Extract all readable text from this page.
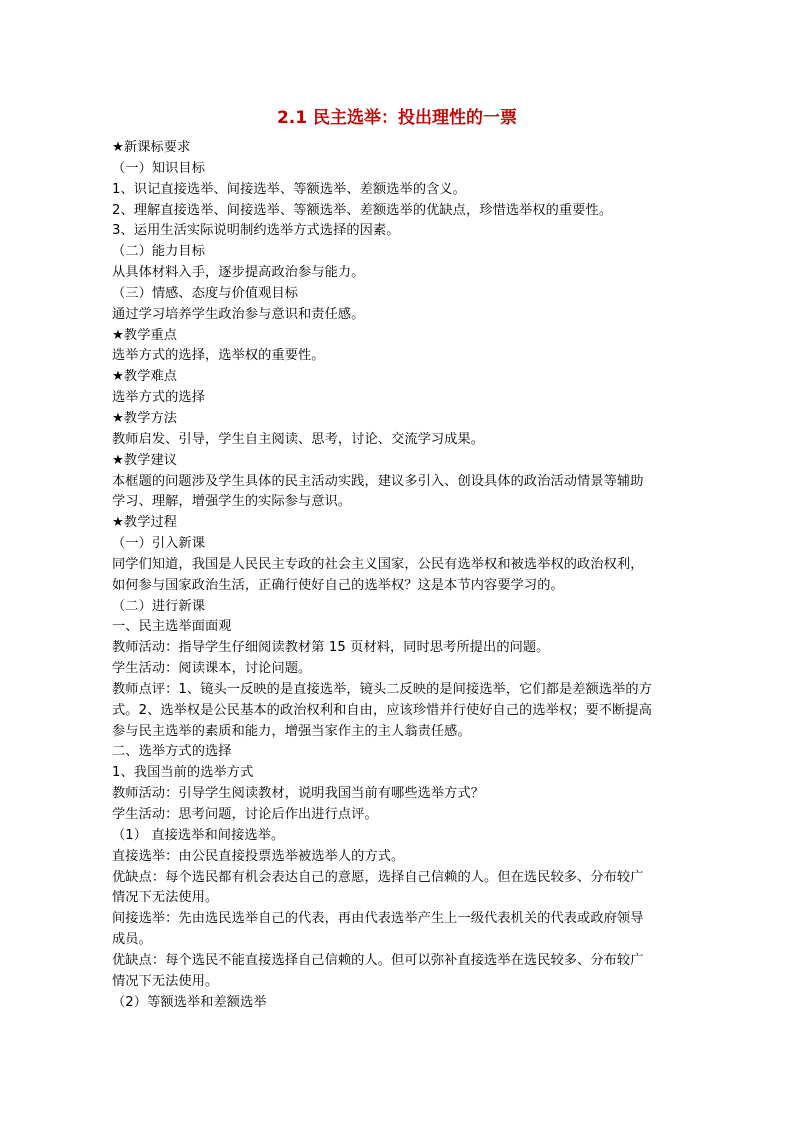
2.1 民主选举：投出理性的一票
★新课标要求
（一）知识目标
1、识记直接选举、间接选举、等额选举、差额选举的含义。
2、理解直接选举、间接选举、等额选举、差额选举的优缺点，珍惜选举权的重要性。
3、运用生活实际说明制约选举方式选择的因素。
（二）能力目标
从具体材料入手，逐步提高政治参与能力。
（三）情感、态度与价值观目标
通过学习培养学生政治参与意识和责任感。
★教学重点
选举方式的选择，选举权的重要性。
★教学难点
选举方式的选择
★教学方法
教师启发、引导，学生自主阅读、思考，讨论、交流学习成果。
★教学建议
本框题的问题涉及学生具体的民主活动实践，建议多引入、创设具体的政治活动情景等辅助
学习、理解，增强学生的实际参与意识。
★教学过程
（一）引入新课
同学们知道，我国是人民民主专政的社会主义国家，公民有选举权和被选举权的政治权利，
如何参与国家政治生活，正确行使好自己的选举权？这是本节内容要学习的。
（二）进行新课
一、民主选举面面观
教师活动：指导学生仔细阅读教材第 15 页材料，同时思考所提出的问题。
学生活动：阅读课本，讨论问题。
教师点评：1、镜头一反映的是直接选举，镜头二反映的是间接选举，它们都是差额选举的方
式。2、选举权是公民基本的政治权利和自由，应该珍惜并行使好自己的选举权；要不断提高
参与民主选举的素质和能力，增强当家作主的主人翁责任感。
二、选举方式的选择
1、我国当前的选举方式
教师活动：引导学生阅读教材，说明我国当前有哪些选举方式？
学生活动：思考问题，讨论后作出进行点评。
（1） 直接选举和间接选举。
直接选举：由公民直接投票选举被选举人的方式。
优缺点：每个选民都有机会表达自己的意愿，选择自己信赖的人。但在选民较多、分布较广
情况下无法使用。
间接选举：先由选民选举自己的代表，再由代表选举产生上一级代表机关的代表或政府领导
成员。
优缺点：每个选民不能直接选择自己信赖的人。但可以弥补直接选举在选民较多、分布较广
情况下无法使用。
（2）等额选举和差额选举
